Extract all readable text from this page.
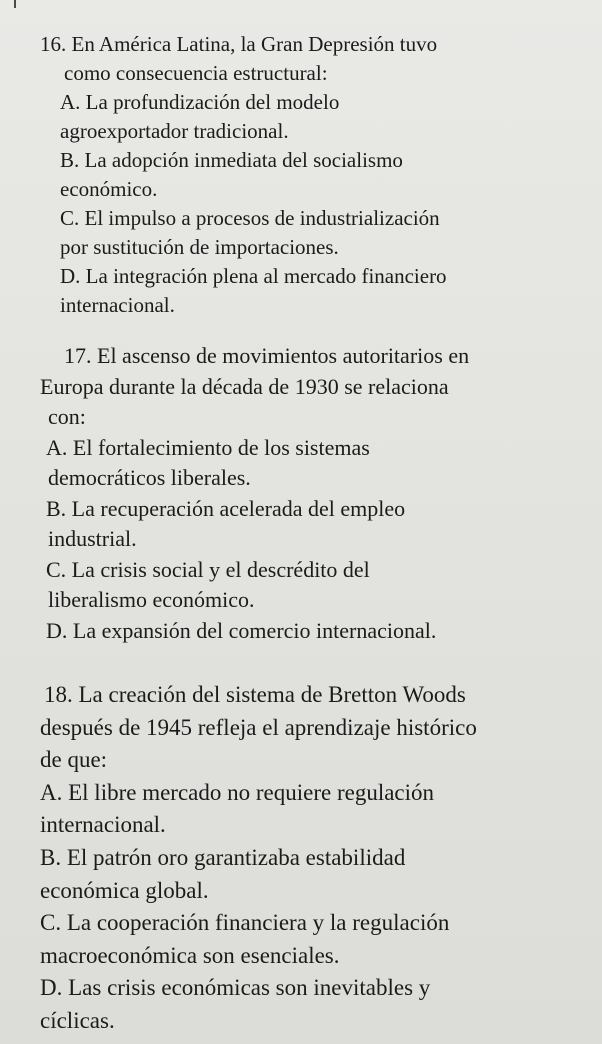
16. En América Latina, la Gran Depresión tuvo
como consecuencia estructural:
A. La profundización del modelo
agroexportador tradicional.
B. La adopción inmediata del socialismo
económico.
C. El impulso a procesos de industrialización
por sustitución de importaciones.
D. La integración plena al mercado financiero
internacional.
17. El ascenso de movimientos autoritarios en
Europa durante la década de 1930 se relaciona
con:
A. El fortalecimiento de los sistemas
democráticos liberales.
B. La recuperación acelerada del empleo
industrial.
C. La crisis social y el descrédito del
liberalismo económico.
D. La expansión del comercio internacional.
18. La creación del sistema de Bretton Woods
después de 1945 refleja el aprendizaje histórico
de que:
A. El libre mercado no requiere regulación
internacional.
B. El patrón oro garantizaba estabilidad
económica global.
C. La cooperación financiera y la regulación
macroeconómica son esenciales.
D. Las crisis económicas son inevitables y
cíclicas.
